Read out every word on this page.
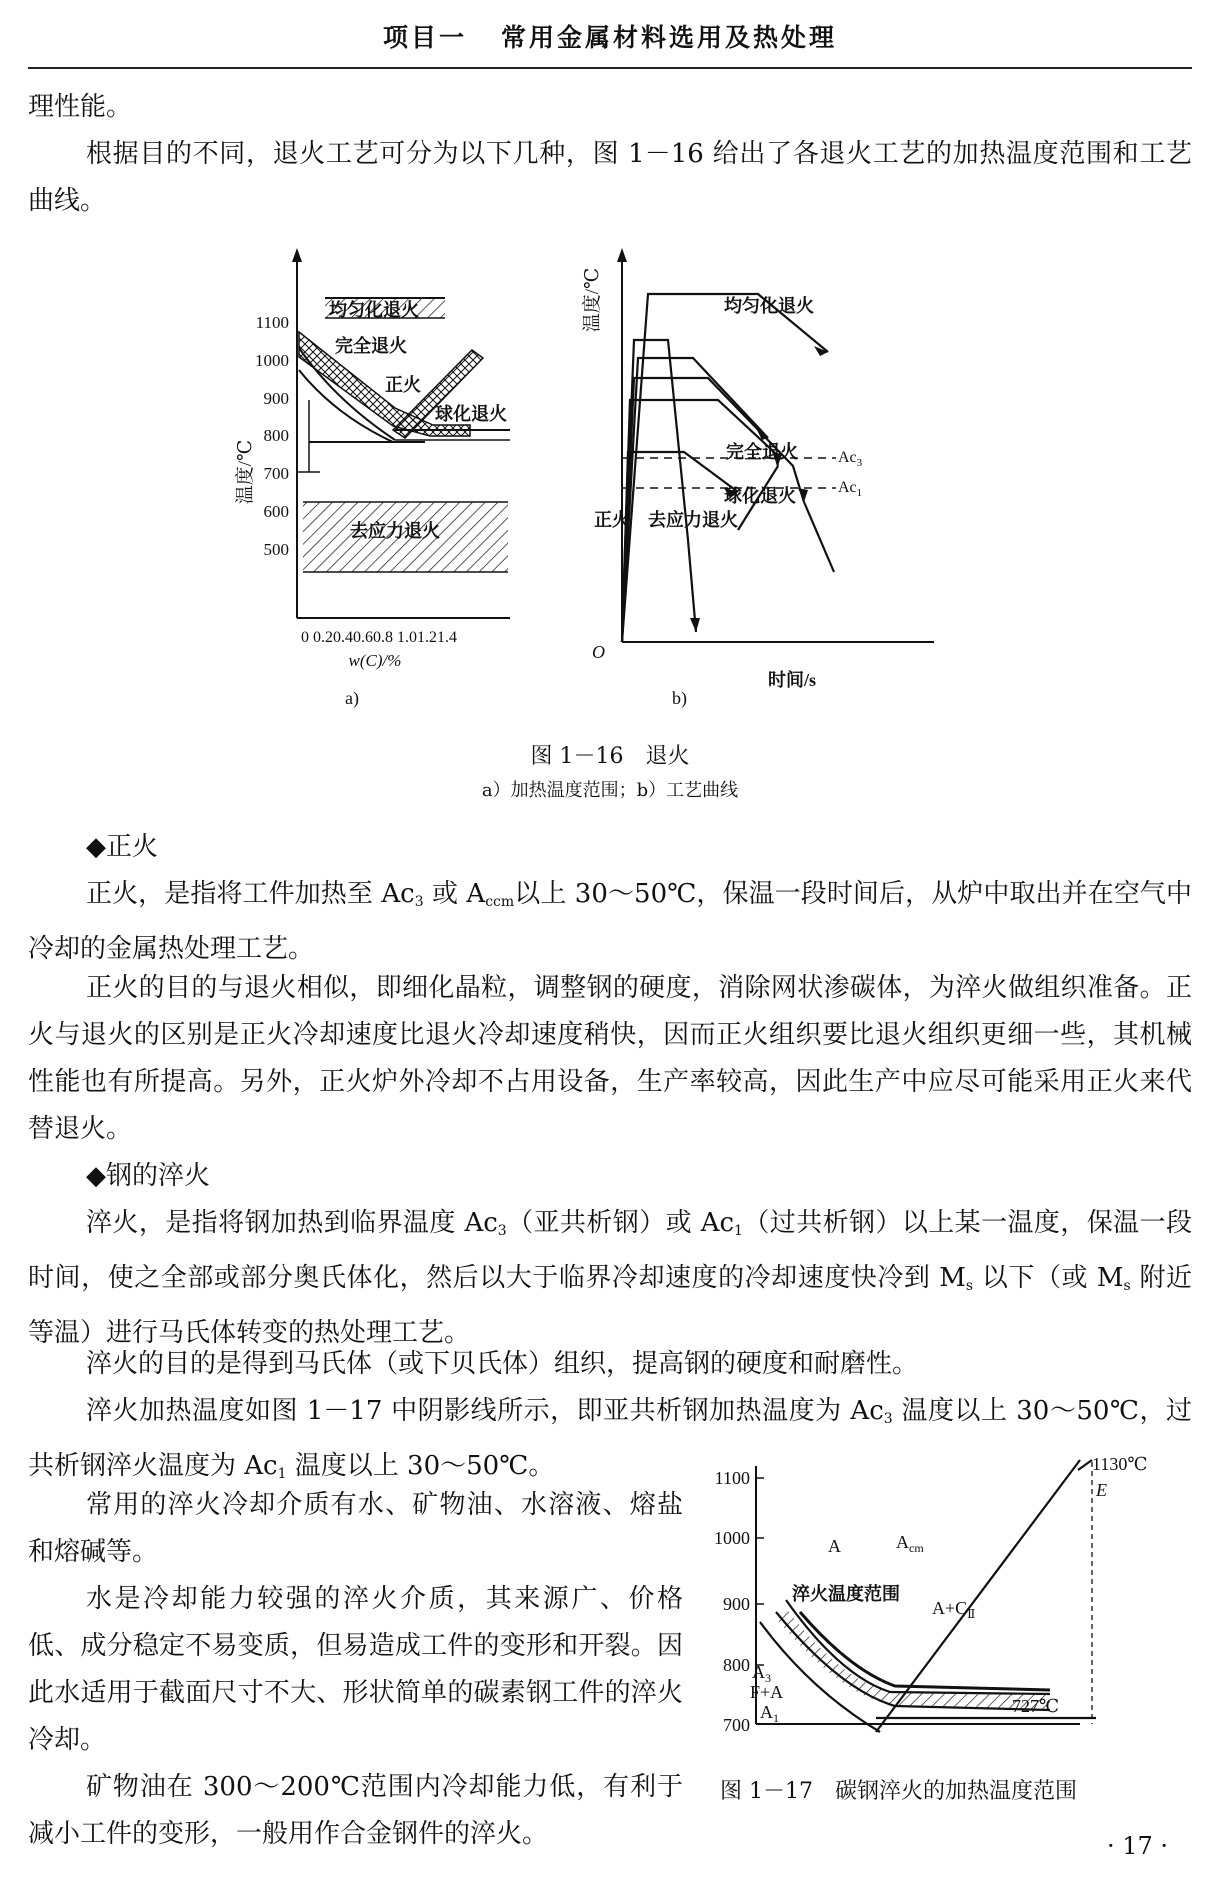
项目一 常用金属材料选用及热处理

理性能。

根据目的不同，退火工艺可分为以下几种，图 1－16 给出了各退火工艺的加热温度范围和工艺曲线。

1100
1000
900
800
700
600
500
温度/℃
均匀化退火
完全退火
正火
球化退火
去应力退火
0 0.20.40.60.8 1.01.21.4
w(C)/%
a)
温度/℃
O
时间/s
b)
$Ac_3$
$Ac_1$
均匀化退火
完全退火
球化退火
正火 去应力退火
图 1－16　退火
a）加热温度范围；b）工艺曲线
◆正火

正火，是指将工件加热至 $Ac_3$ 或 $A_{ccm}$以上 30～50℃，保温一段时间后，从炉中取出并在空气中冷却的金属热处理工艺。

正火的目的与退火相似，即细化晶粒，调整钢的硬度，消除网状渗碳体，为淬火做组织准备。正火与退火的区别是正火冷却速度比退火冷却速度稍快，因而正火组织要比退火组织更细一些，其机械性能也有所提高。另外，正火炉外冷却不占用设备，生产率较高，因此生产中应尽可能采用正火来代替退火。

◆钢的淬火

淬火，是指将钢加热到临界温度 $Ac_3$（亚共析钢）或 $Ac_1$（过共析钢）以上某一温度，保温一段时间，使之全部或部分奥氏体化，然后以大于临界冷却速度的冷却速度快冷到 $M_s$ 以下（或 $M_s$ 附近等温）进行马氏体转变的热处理工艺。

淬火的目的是得到马氏体（或下贝氏体）组织，提高钢的硬度和耐磨性。

淬火加热温度如图 1－17 中阴影线所示，即亚共析钢加热温度为 $Ac_3$ 温度以上 30～50℃，过共析钢淬火温度为 $Ac_1$ 温度以上 30～50℃。

常用的淬火冷却介质有水、矿物油、水溶液、熔盐和熔碱等。

水是冷却能力较强的淬火介质，其来源广、价格低、成分稳定不易变质，但易造成工件的变形和开裂。因此水适用于截面尺寸不大、形状简单的碳素钢工件的淬火冷却。

矿物油在 300～200℃范围内冷却能力低，有利于减小工件的变形，一般用作合金钢件的淬火。

1100
1000
900
800
700
1130℃
E
A	$A_{cm}$
$A+C_Ⅱ$
$A_3$
F+A
$A_1$
727℃
淬火温度范围
图 1－17　碳钢淬火的加热温度范围
· 17 ·
